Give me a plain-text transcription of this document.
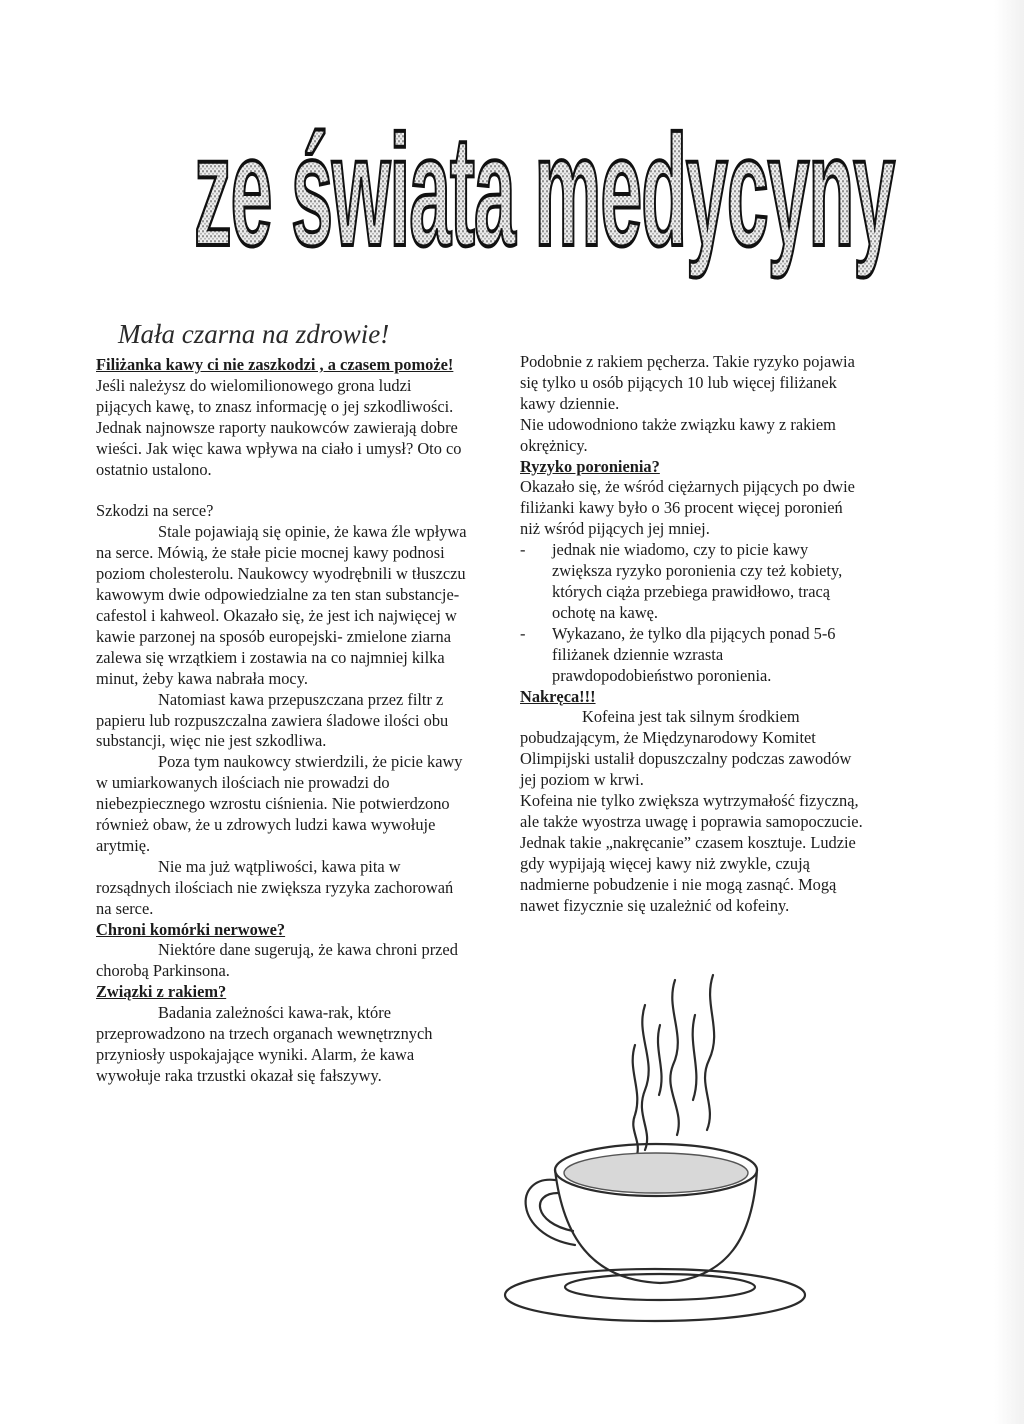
ze świata medycyny
Mała czarna na zdrowie!

Filiżanka kawy ci nie zaszkodzi , a czasem pomoże!

Jeśli należysz do wielomilionowego grona ludzi pijących kawę, to znasz informację o jej szkodliwości. Jednak najnowsze raporty naukowców zawierają dobre wieści. Jak więc kawa wpływa na ciało i umysł? Oto co ostatnio ustalono.

Szkodzi na serce?

Stale pojawiają się opinie, że kawa źle wpływa na serce. Mówią, że stałe picie mocnej kawy podnosi poziom cholesterolu. Naukowcy wyodrębnili w tłuszczu kawowym dwie odpowiedzialne za ten stan substancje- cafestol i kahweol. Okazało się, że jest ich najwięcej w kawie parzonej na sposób europejski- zmielone ziarna zalewa się wrzątkiem i zostawia na co najmniej kilka minut, żeby kawa nabrała mocy.

Natomiast kawa przepuszczana przez filtr z papieru lub rozpuszczalna zawiera śladowe ilości obu substancji, więc nie jest szkodliwa.

Poza tym naukowcy stwierdzili, że picie kawy w umiarkowanych ilościach nie prowadzi do niebezpiecznego wzrostu ciśnienia. Nie potwierdzono również obaw, że u zdrowych ludzi kawa wywołuje arytmię.

Nie ma już wątpliwości, kawa pita w rozsądnych ilościach nie zwiększa ryzyka zachorowań na serce.

Chroni komórki nerwowe?

Niektóre dane sugerują, że kawa chroni przed chorobą Parkinsona.

Związki z rakiem?

Badania zależności kawa-rak, które przeprowadzono na trzech organach wewnętrznych przyniosły uspokajające wyniki. Alarm, że kawa wywołuje raka trzustki okazał się fałszywy.

Podobnie z rakiem pęcherza. Takie ryzyko pojawia się tylko u osób pijących 10 lub więcej filiżanek kawy dziennie.

Nie udowodniono także związku kawy z rakiem okrężnicy.

Ryzyko poronienia?

Okazało się, że wśród ciężarnych pijących po dwie filiżanki kawy było o 36 procent więcej poronień niż wśród pijących jej mniej.

- jednak nie wiadomo, czy to picie kawy zwiększa ryzyko poronienia czy też kobiety, których ciąża przebiega prawidłowo, tracą ochotę na kawę.
- Wykazano, że tylko dla pijących ponad 5-6 filiżanek dziennie wzrasta prawdopodobieństwo poronienia.

Nakręca!!!

Kofeina jest tak silnym środkiem pobudzającym, że Międzynarodowy Komitet Olimpijski ustalił dopuszczalny podczas zawodów jej poziom w krwi.

Kofeina nie tylko zwiększa wytrzymałość fizyczną, ale także wyostrza uwagę i poprawia samopoczucie. Jednak takie „nakręcanie” czasem kosztuje. Ludzie gdy wypijają więcej kawy niż zwykle, czują nadmierne pobudzenie i nie mogą zasnąć. Mogą nawet fizycznie się uzależnić od kofeiny.
